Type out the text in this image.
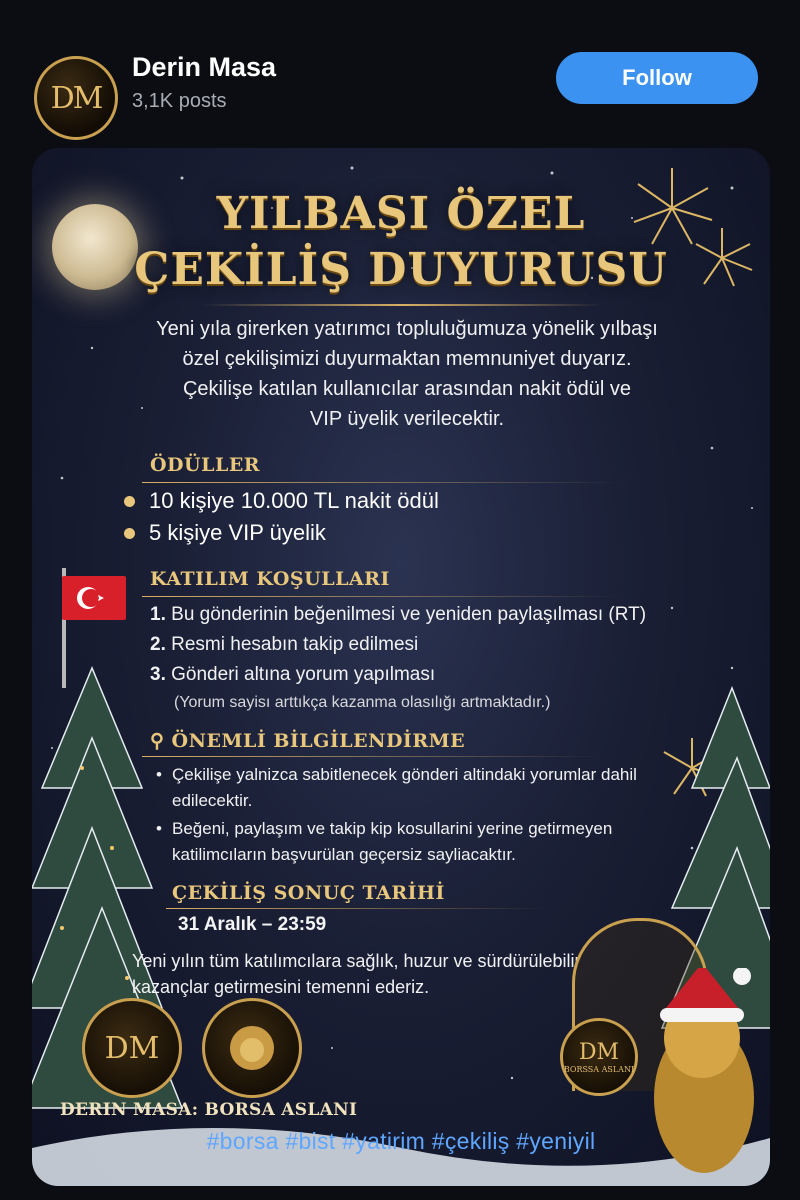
DM
Derin Masa
3,1K posts
Follow
YILBAŞI ÖZEL
ÇEKİLİŞ DUYURUSU
Yeni yıla girerken yatırımcı topluluğumuza yönelik yılbaşı
özel çekilişimizi duyurmaktan memnuniyet duyarız.
Çekilişe katılan kullanıcılar arasından nakit ödül ve
VIP üyelik verilecektir.
ÖDÜLLER
10 kişiye 10.000 TL nakit ödül
5 kişiye VIP üyelik
KATILIM KOŞULLARI
1. Bu gönderinin beğenilmesi ve yeniden paylaşılması (RT)
2. Resmi hesabın takip edilmesi
3. Gönderi altına yorum yapılması
(Yorum sayisı arttıkça kazanma olasılığı artmaktadır.)
⚲ ÖNEMLİ BİLGİLENDİRME
• Çekilişe yalnizca sabitlenecek gönderi altindaki yorumlar dahil edilecektir.
• Beğeni, paylaşım ve takip kip kosullarini yerine getirmeyen katilimcıların başvurülan geçersiz sayliacaktır.
ÇEKİLİŞ SONUÇ TARİHİ
31 Aralık – 23:59
Yeni yılın tüm katılımcılara sağlık, huzur ve sürdürülebilir kazançlar getirmesini temenni ederiz.
DM
BORSSA ASLANI
DM
DERIN MASA: BORSA ASLANI
#borsa #bist #yatirim #çekiliş #yeniyil
